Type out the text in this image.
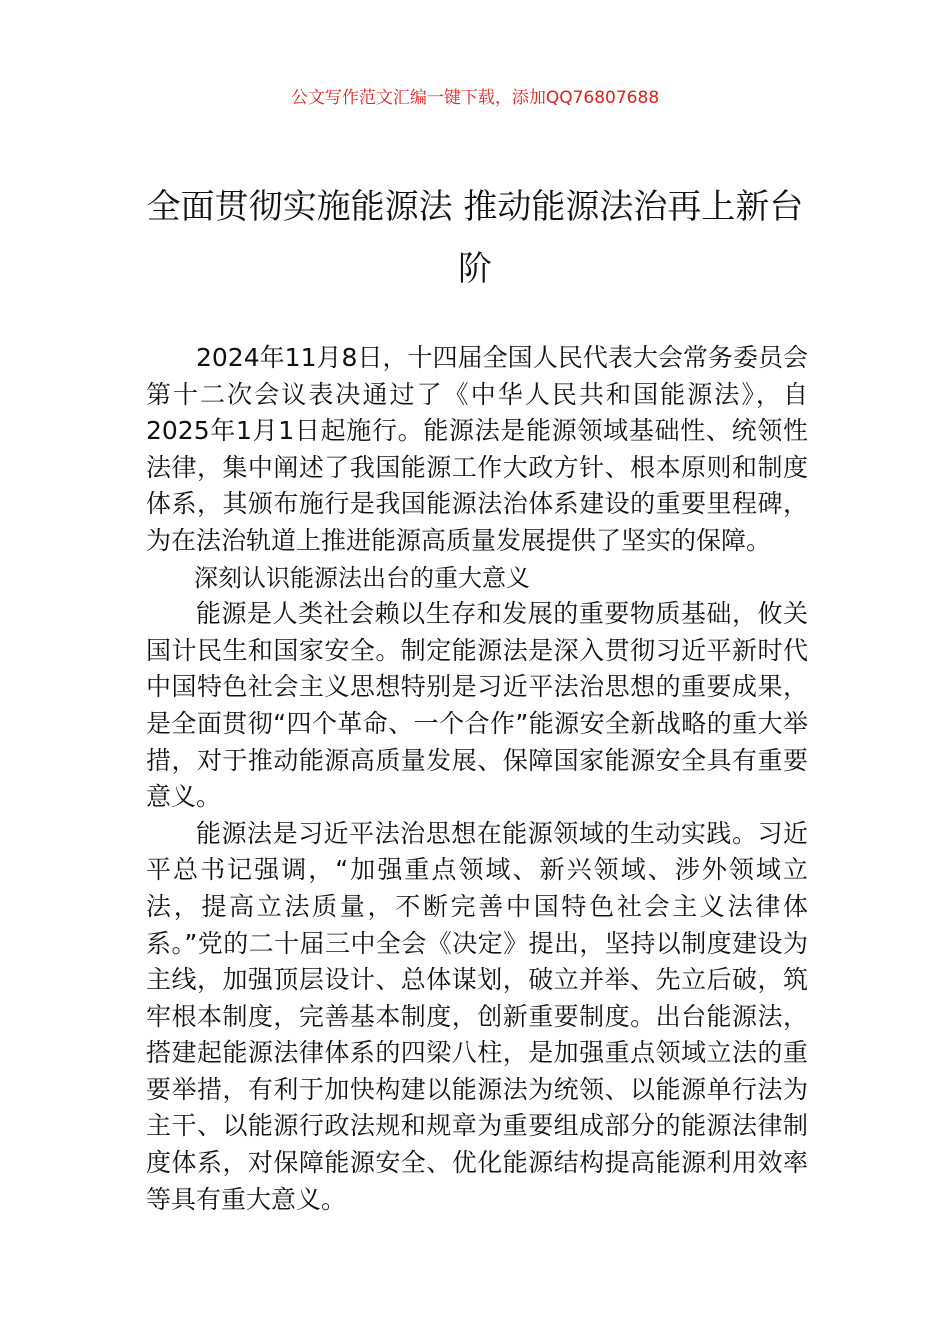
公文写作范文汇编一键下载，添加QQ76807688
全面贯彻实施能源法 推动能源法治再上新台阶

2024年11月8日，十四届全国人民代表大会常务委员会第十二次会议表决通过了《中华人民共和国能源法》，自2025年1月1日起施行。能源法是能源领域基础性、统领性法律，集中阐述了我国能源工作大政方针、根本原则和制度体系，其颁布施行是我国能源法治体系建设的重要里程碑，为在法治轨道上推进能源高质量发展提供了坚实的保障。

深刻认识能源法出台的重大意义

能源是人类社会赖以生存和发展的重要物质基础，攸关国计民生和国家安全。制定能源法是深入贯彻习近平新时代中国特色社会主义思想特别是习近平法治思想的重要成果，是全面贯彻“四个革命、一个合作”能源安全新战略的重大举措，对于推动能源高质量发展、保障国家能源安全具有重要意义。

能源法是习近平法治思想在能源领域的生动实践。习近平总书记强调，“加强重点领域、新兴领域、涉外领域立法，提高立法质量，不断完善中国特色社会主义法律体系。”党的二十届三中全会《决定》提出，坚持以制度建设为主线，加强顶层设计、总体谋划，破立并举、先立后破，筑牢根本制度，完善基本制度，创新重要制度。出台能源法，搭建起能源法律体系的四梁八柱，是加强重点领域立法的重要举措，有利于加快构建以能源法为统领、以能源单行法为主干、以能源行政法规和规章为重要组成部分的能源法律制度体系，对保障能源安全、优化能源结构提高能源利用效率等具有重大意义。
